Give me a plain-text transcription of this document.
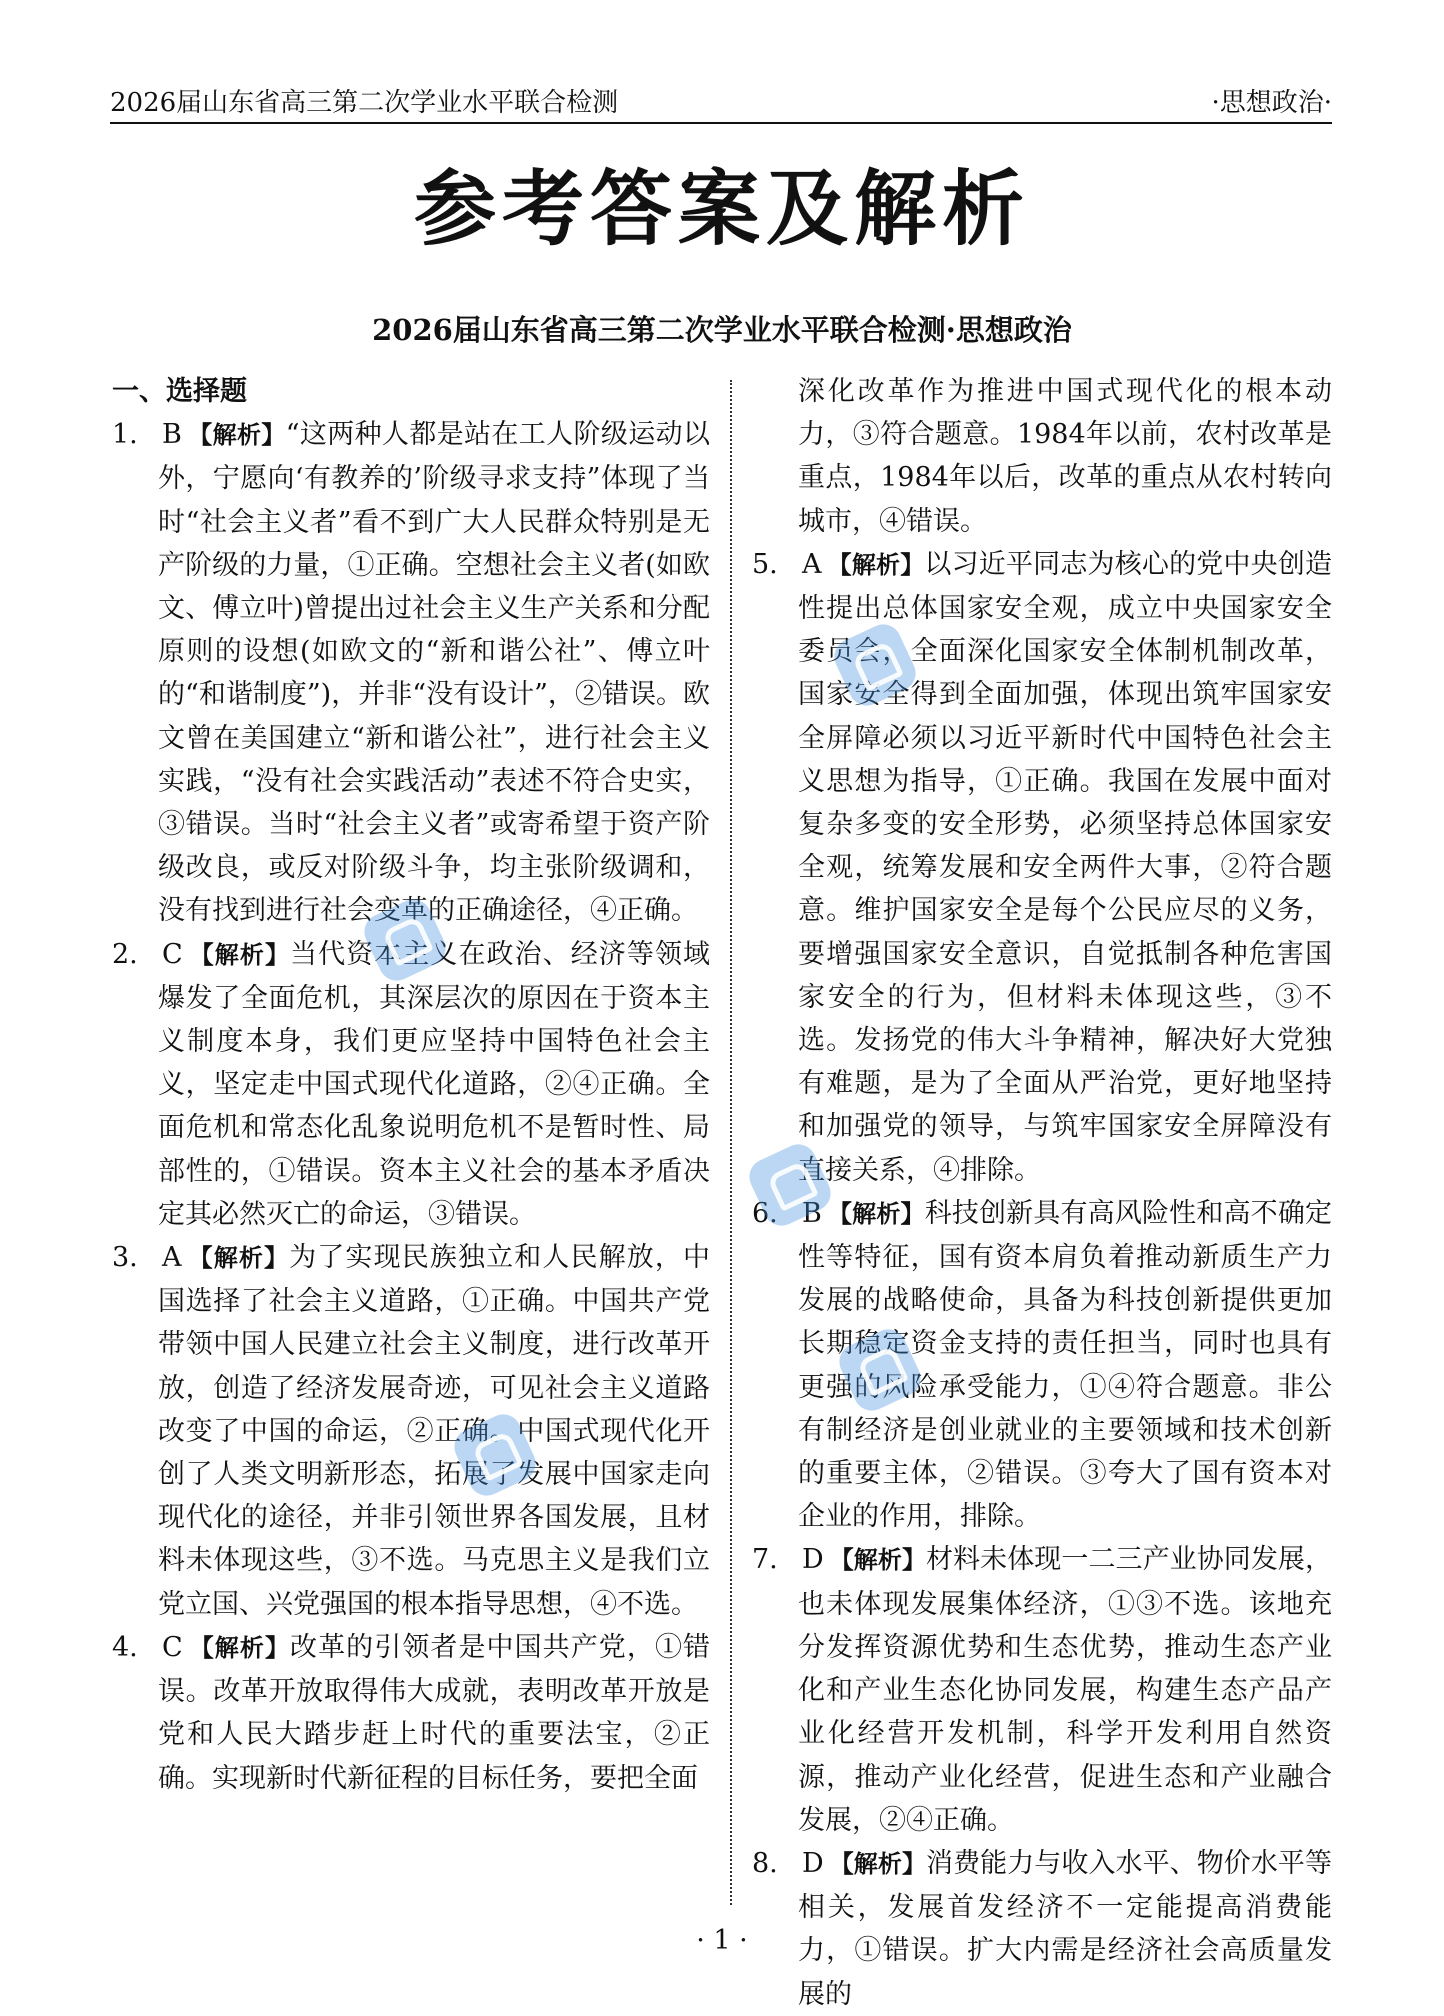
2026届山东省高三第二次学业水平联合检测	·思想政治·
参考答案及解析
2026届山东省高三第二次学业水平联合检测·思想政治

一、选择题

1. B 【解析】“这两种人都是站在工人阶级运动以外，宁愿向‘有教养的’阶级寻求支持”体现了当时“社会主义者”看不到广大人民群众特别是无产阶级的力量，①正确。空想社会主义者(如欧文、傅立叶)曾提出过社会主义生产关系和分配原则的设想(如欧文的“新和谐公社”、傅立叶的“和谐制度”)，并非“没有设计”，②错误。欧文曾在美国建立“新和谐公社”，进行社会主义实践，“没有社会实践活动”表述不符合史实，③错误。当时“社会主义者”或寄希望于资产阶级改良，或反对阶级斗争，均主张阶级调和，没有找到进行社会变革的正确途径，④正确。

2. C 【解析】当代资本主义在政治、经济等领域爆发了全面危机，其深层次的原因在于资本主义制度本身，我们更应坚持中国特色社会主义，坚定走中国式现代化道路，②④正确。全面危机和常态化乱象说明危机不是暂时性、局部性的，①错误。资本主义社会的基本矛盾决定其必然灭亡的命运，③错误。

3. A 【解析】为了实现民族独立和人民解放，中国选择了社会主义道路，①正确。中国共产党带领中国人民建立社会主义制度，进行改革开放，创造了经济发展奇迹，可见社会主义道路改变了中国的命运，②正确。中国式现代化开创了人类文明新形态，拓展了发展中国家走向现代化的途径，并非引领世界各国发展，且材料未体现这些，③不选。马克思主义是我们立党立国、兴党强国的根本指导思想，④不选。

4. C 【解析】改革的引领者是中国共产党，①错误。改革开放取得伟大成就，表明改革开放是党和人民大踏步赶上时代的重要法宝，②正确。实现新时代新征程的目标任务，要把全面

深化改革作为推进中国式现代化的根本动力，③符合题意。1984年以前，农村改革是重点，1984年以后，改革的重点从农村转向城市，④错误。

5. A 【解析】以习近平同志为核心的党中央创造性提出总体国家安全观，成立中央国家安全委员会，全面深化国家安全体制机制改革，国家安全得到全面加强，体现出筑牢国家安全屏障必须以习近平新时代中国特色社会主义思想为指导，①正确。我国在发展中面对复杂多变的安全形势，必须坚持总体国家安全观，统筹发展和安全两件大事，②符合题意。维护国家安全是每个公民应尽的义务，要增强国家安全意识，自觉抵制各种危害国家安全的行为，但材料未体现这些，③不选。发扬党的伟大斗争精神，解决好大党独有难题，是为了全面从严治党，更好地坚持和加强党的领导，与筑牢国家安全屏障没有直接关系，④排除。

6. B 【解析】科技创新具有高风险性和高不确定性等特征，国有资本肩负着推动新质生产力发展的战略使命，具备为科技创新提供更加长期稳定资金支持的责任担当，同时也具有更强的风险承受能力，①④符合题意。非公有制经济是创业就业的主要领域和技术创新的重要主体，②错误。③夸大了国有资本对企业的作用，排除。

7. D 【解析】材料未体现一二三产业协同发展，也未体现发展集体经济，①③不选。该地充分发挥资源优势和生态优势，推动生态产业化和产业生态化协同发展，构建生态产品产业化经营开发机制，科学开发利用自然资源，推动产业化经营，促进生态和产业融合发展，②④正确。

8. D 【解析】消费能力与收入水平、物价水平等相关，发展首发经济不一定能提高消费能力，①错误。扩大内需是经济社会高质量发展的

· 1 ·
